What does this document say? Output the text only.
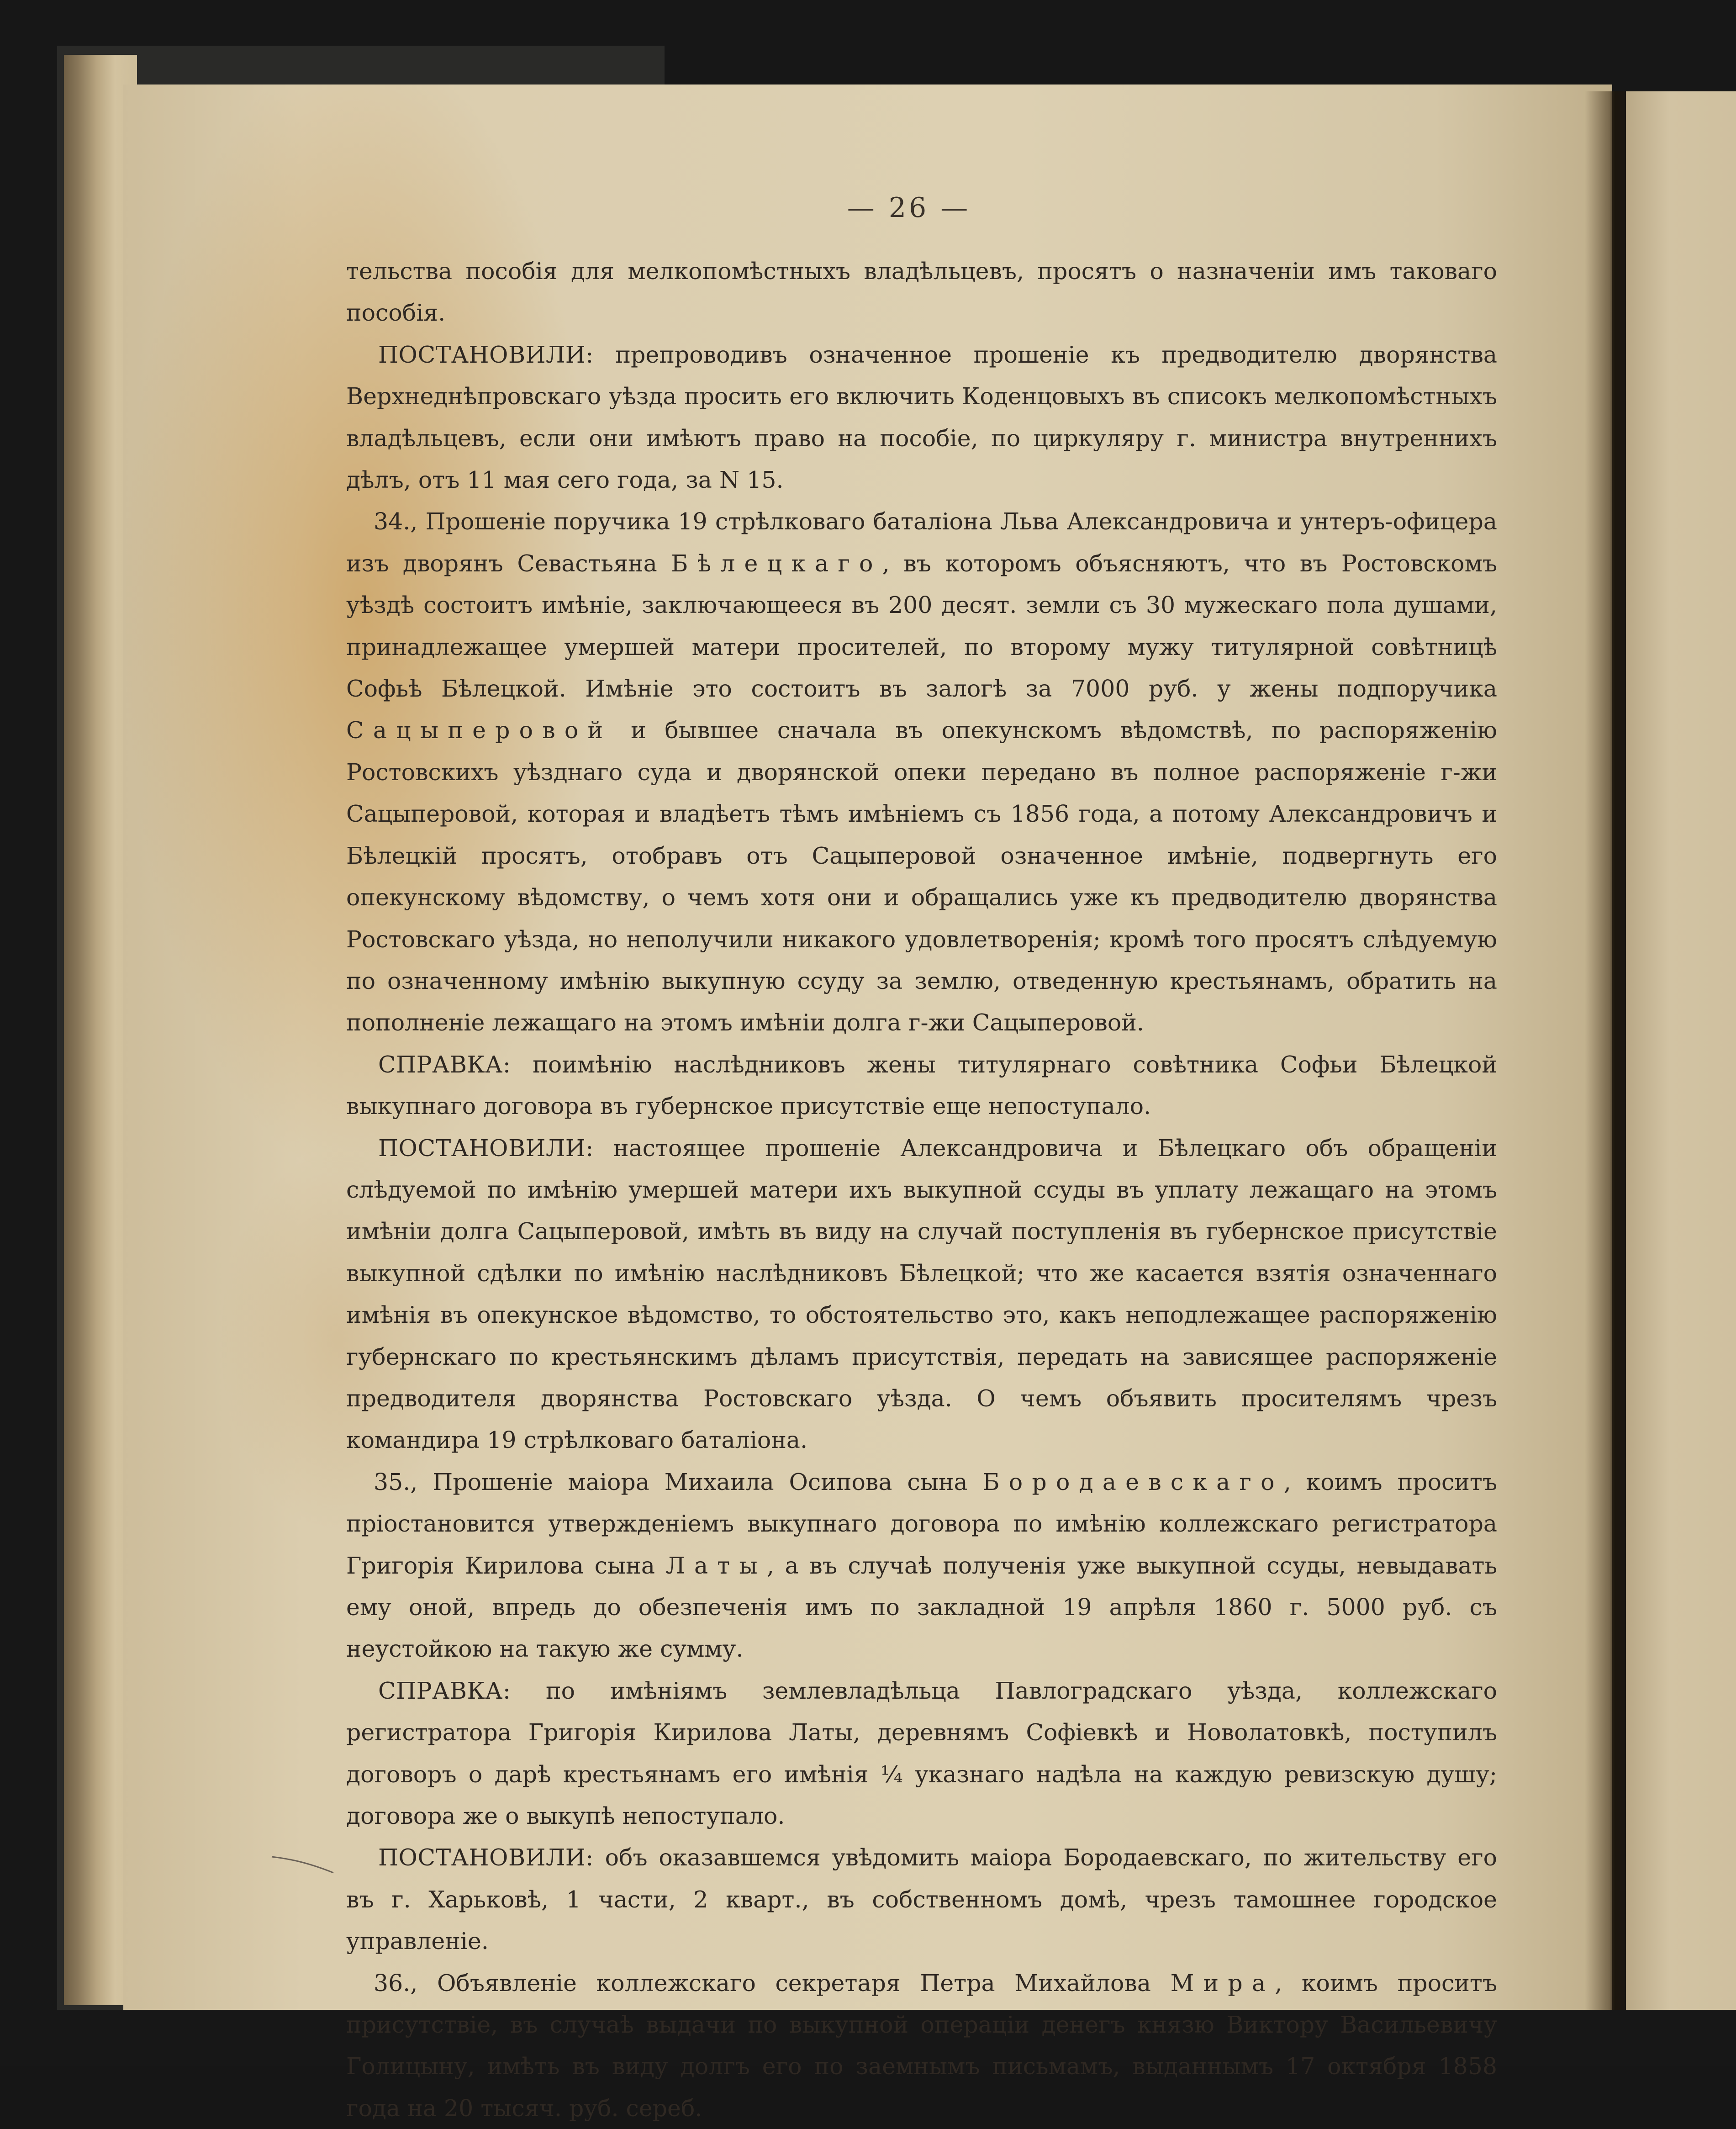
— 26 —

тельства пособія для мелкопомѣстныхъ владѣльцевъ, просятъ о назначеніи имъ таковаго пособія.

ПОСТАНОВИЛИ: препроводивъ означенное прошеніе къ предводителю дворянства Верхнеднѣпровскаго уѣзда просить его включить Коденцовыхъ въ списокъ мелкопомѣстныхъ владѣльцевъ, если они имѣютъ право на пособіе, по циркуляру г. министра внутреннихъ дѣлъ, отъ 11 мая сего года, за N 15.

34., Прошеніе поручика 19 стрѣлковаго баталіона Льва Александровича и унтеръ-офицера изъ дворянъ Севастьяна Бѣлецкаго, въ которомъ объясняютъ, что въ Ростовскомъ уѣздѣ состоитъ имѣніе, заключающееся въ 200 десят. земли съ 30 мужескаго пола душами, принадлежащее умершей матери просителей, по второму мужу титулярной совѣтницѣ Софьѣ Бѣлецкой. Имѣніе это состоитъ въ залогѣ за 7000 руб. у жены подпоручика Сацыперовой и бывшее сначала въ опекунскомъ вѣдомствѣ, по распоряженію Ростовскихъ уѣзднаго суда и дворянской опеки передано въ полное распоряженіе г-жи Сацыперовой, которая и владѣетъ тѣмъ имѣніемъ съ 1856 года, а потому Александровичъ и Бѣлецкій просятъ, отобравъ отъ Сацыперовой означенное имѣніе, подвергнуть его опекунскому вѣдомству, о чемъ хотя они и обращались уже къ предводителю дворянства Ростовскаго уѣзда, но неполучили никакого удовлетворенія; кромѣ того просятъ слѣдуемую по означенному имѣнію выкупную ссуду за землю, отведенную крестьянамъ, обратить на пополненіе лежащаго на этомъ имѣніи долга г-жи Сацыперовой.

СПРАВКА: поимѣнію наслѣдниковъ жены титулярнаго совѣтника Софьи Бѣлецкой выкупнаго договора въ губернское присутствіе еще непоступало.

ПОСТАНОВИЛИ: настоящее прошеніе Александровича и Бѣлецкаго объ обращеніи слѣдуемой по имѣнію умершей матери ихъ выкупной ссуды въ уплату лежащаго на этомъ имѣніи долга Сацыперовой, имѣть въ виду на случай поступленія въ губернское присутствіе выкупной сдѣлки по имѣнію наслѣдниковъ Бѣлецкой; что же касается взятія означеннаго имѣнія въ опекунское вѣдомство, то обстоятельство это, какъ неподлежащее распоряженію губернскаго по крестьянскимъ дѣламъ присутствія, передать на зависящее распоряженіе предводителя дворянства Ростовскаго уѣзда. О чемъ объявить просителямъ чрезъ командира 19 стрѣлковаго баталіона.

35., Прошеніе маіора Михаила Осипова сына Бородаевскаго, коимъ проситъ пріостановится утвержденіемъ выкупнаго договора по имѣнію коллежскаго регистратора Григорія Кирилова сына Латы, а въ случаѣ полученія уже выкупной ссуды, невыдавать ему оной, впредь до обезпеченія имъ по закладной 19 апрѣля 1860 г. 5000 руб. съ неустойкою на такую же сумму.

СПРАВКА: по имѣніямъ землевладѣльца Павлоградскаго уѣзда, коллежскаго регистратора Григорія Кирилова Латы, деревнямъ Софіевкѣ и Новолатовкѣ, поступилъ договоръ о дарѣ крестьянамъ его имѣнія ¼ указнаго надѣла на каждую ревизскую душу; договора же о выкупѣ непоступало.

ПОСТАНОВИЛИ: объ оказавшемся увѣдомить маіора Бородаевскаго, по жительству его въ г. Харьковѣ, 1 части, 2 кварт., въ собственномъ домѣ, чрезъ тамошнее городское управленіе.

36., Объявленіе коллежскаго секретаря Петра Михайлова Мира, коимъ проситъ присутствіе, въ случаѣ выдачи по выкупной операціи денегъ князю Виктору Васильевичу Голицыну, имѣть въ виду долгъ его по заемнымъ письмамъ, выданнымъ 17 октября 1858 года на 20 тысяч. руб. сереб.
